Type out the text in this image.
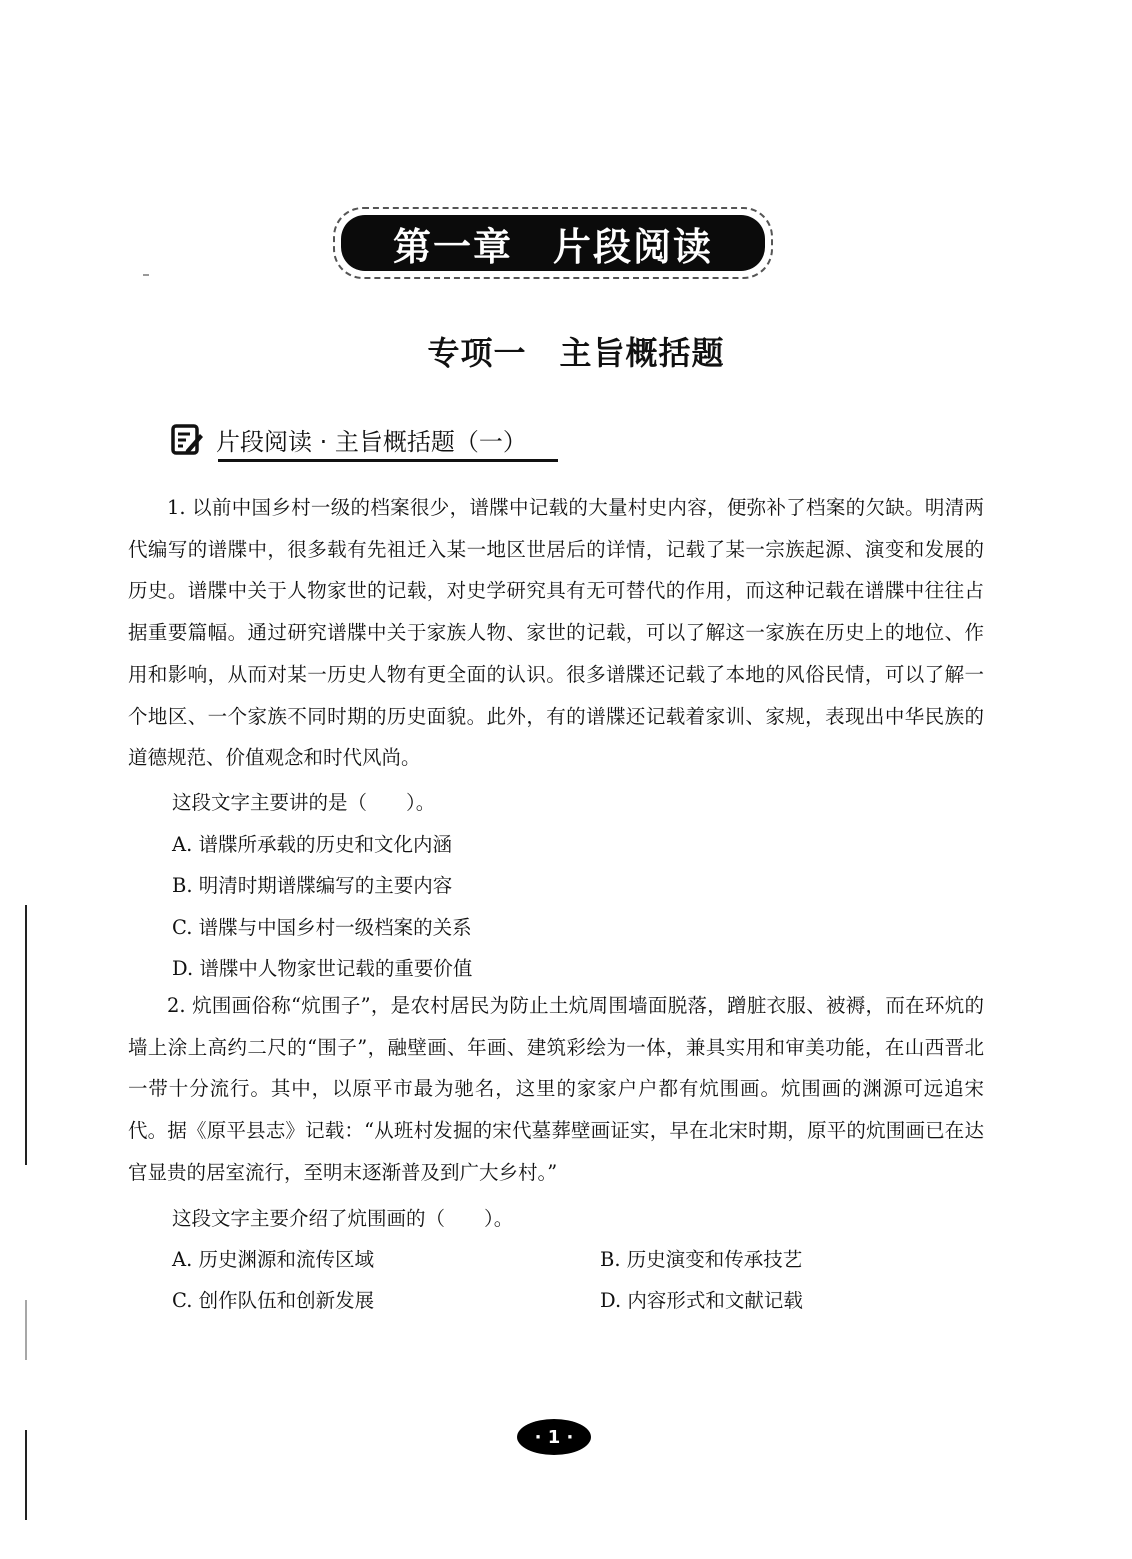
第一章　片段阅读
专项一　主旨概括题
片段阅读 · 主旨概括题（一）

1. 以前中国乡村一级的档案很少，谱牒中记载的大量村史内容，便弥补了档案的欠缺。明清两代编写的谱牒中，很多载有先祖迁入某一地区世居后的详情，记载了某一宗族起源、演变和发展的历史。谱牒中关于人物家世的记载，对史学研究具有无可替代的作用，而这种记载在谱牒中往往占据重要篇幅。通过研究谱牒中关于家族人物、家世的记载，可以了解这一家族在历史上的地位、作用和影响，从而对某一历史人物有更全面的认识。很多谱牒还记载了本地的风俗民情，可以了解一个地区、一个家族不同时期的历史面貌。此外，有的谱牒还记载着家训、家规，表现出中华民族的道德规范、价值观念和时代风尚。

这段文字主要讲的是（　　）。
A. 谱牒所承载的历史和文化内涵
B. 明清时期谱牒编写的主要内容
C. 谱牒与中国乡村一级档案的关系
D. 谱牒中人物家世记载的重要价值

2. 炕围画俗称“炕围子”，是农村居民为防止土炕周围墙面脱落，蹭脏衣服、被褥，而在环炕的墙上涂上高约二尺的“围子”，融壁画、年画、建筑彩绘为一体，兼具实用和审美功能，在山西晋北一带十分流行。其中，以原平市最为驰名，这里的家家户户都有炕围画。炕围画的渊源可远追宋代。据《原平县志》记载：“从班村发掘的宋代墓葬壁画证实，早在北宋时期，原平的炕围画已在达官显贵的居室流行，至明末逐渐普及到广大乡村。”

这段文字主要介绍了炕围画的（　　）。
A. 历史渊源和流传区域	B. 历史演变和传承技艺
C. 创作队伍和创新发展	D. 内容形式和文献记载
· 1 ·
